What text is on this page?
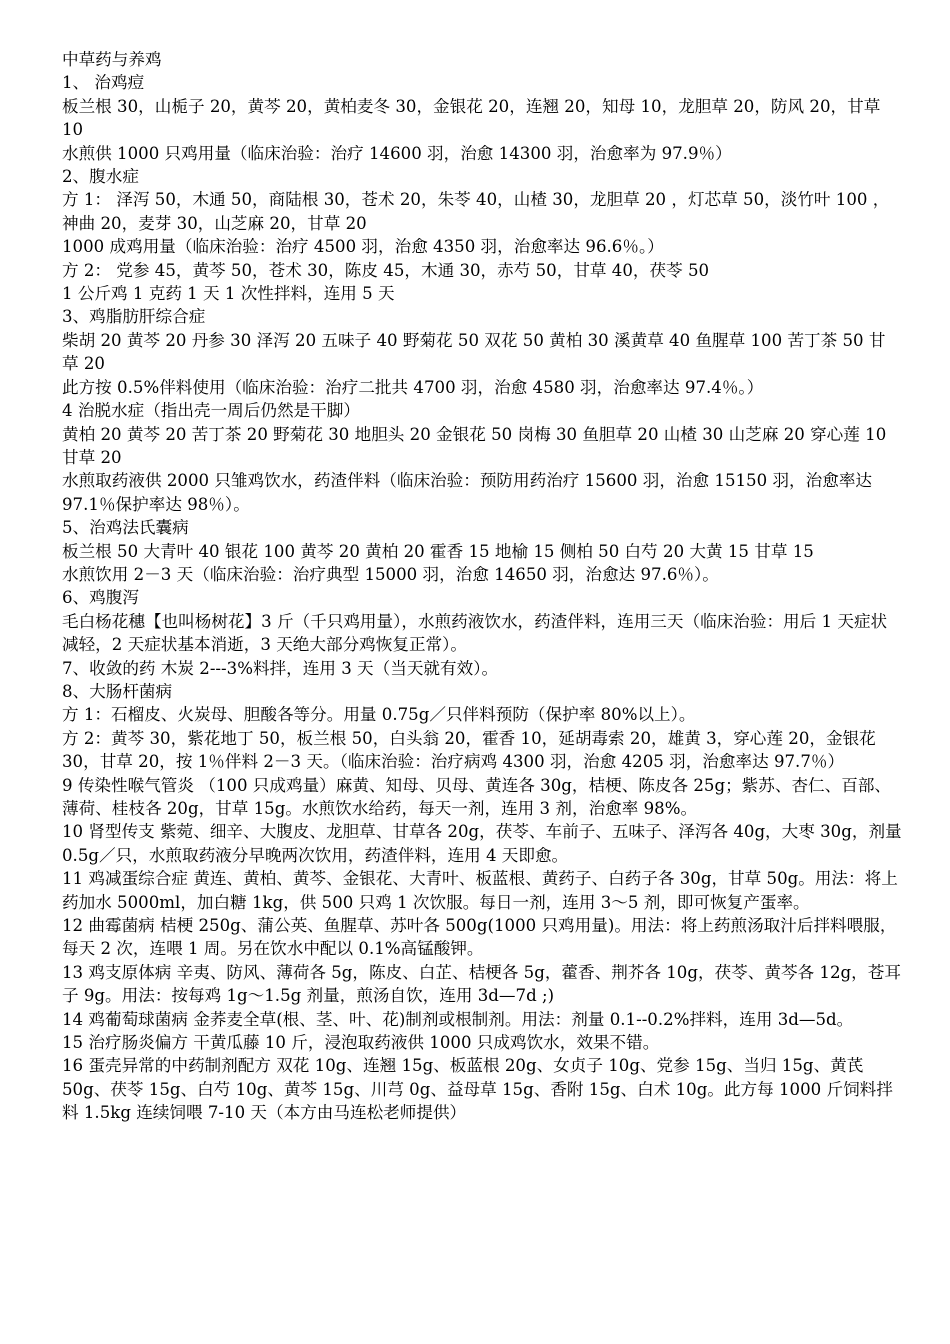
中草药与养鸡
1、 治鸡痘
板兰根 30，山栀子 20，黄芩 20，黄柏麦冬 30，金银花 20，连翘 20，知母 10，龙胆草 20，防风 20，甘草 10
水煎供 1000 只鸡用量（临床治验：治疗 14600 羽，治愈 14300 羽，治愈率为 97.9％）
2、腹水症
方 1： 泽泻 50，木通 50，商陆根 30，苍术 20，朱苓 40，山楂 30，龙胆草 20 ，灯芯草 50，淡竹叶 100 ，神曲 20，麦芽 30，山芝麻 20，甘草 20
1000 成鸡用量（临床治验：治疗 4500 羽，治愈 4350 羽，治愈率达 96.6％。）
方 2： 党参 45，黄芩 50，苍术 30，陈皮 45，木通 30，赤芍 50，甘草 40，茯苓 50
1 公斤鸡 1 克药 1 天 1 次性拌料，连用 5 天
3、鸡脂肪肝综合症
柴胡 20 黄芩 20 丹参 30 泽泻 20 五味子 40 野菊花 50 双花 50 黄柏 30 溪黄草 40 鱼腥草 100 苦丁茶 50 甘草 20
此方按 0.5%伴料使用（临床治验：治疗二批共 4700 羽，治愈 4580 羽，治愈率达 97.4％。）
4 治脱水症（指出壳一周后仍然是干脚）
黄柏 20 黄芩 20 苦丁茶 20 野菊花 30 地胆头 20 金银花 50 岗梅 30 鱼胆草 20 山楂 30 山芝麻 20 穿心莲 10 甘草 20
水煎取药液供 2000 只雏鸡饮水，药渣伴料（临床治验：预防用药治疗 15600 羽，治愈 15150 羽，治愈率达 97.1％保护率达 98％）。
5、治鸡法氏囊病
板兰根 50 大青叶 40 银花 100 黄芩 20 黄柏 20 霍香 15 地榆 15 侧柏 50 白芍 20 大黄 15 甘草 15
水煎饮用 2－3 天（临床治验：治疗典型 15000 羽，治愈 14650 羽，治愈达 97.6％）。
6、鸡腹泻
毛白杨花穗【也叫杨树花】3 斤（千只鸡用量），水煎药液饮水，药渣伴料，连用三天（临床治验：用后 1 天症状减轻，2 天症状基本消逝，3 天绝大部分鸡恢复正常）。
7、收敛的药 木炭 2---3%料拌，连用 3 天（当天就有效）。
8、大肠杆菌病
方 1：石榴皮、火炭母、胆酸各等分。用量 0.75g／只伴料预防（保护率 80%以上）。
方 2：黄芩 30，紫花地丁 50，板兰根 50，白头翁 20，霍香 10，延胡毒索 20，雄黄 3，穿心莲 20，金银花 30，甘草 20，按 1％伴料 2－3 天。（临床治验：治疗病鸡 4300 羽，治愈 4205 羽，治愈率达 97.7％）
9 传染性喉气管炎 （100 只成鸡量）麻黄、知母、贝母、黄连各 30g，桔梗、陈皮各 25g；紫苏、杏仁、百部、薄荷、桂枝各 20g，甘草 15g。水煎饮水给药，每天一剂，连用 3 剂，治愈率 98%。
10 肾型传支 紫菀、细辛、大腹皮、龙胆草、甘草各 20g，茯苓、车前子、五味子、泽泻各 40g，大枣 30g，剂量 0.5g／只，水煎取药液分早晚两次饮用，药渣伴料，连用 4 天即愈。
11 鸡减蛋综合症 黄连、黄柏、黄芩、金银花、大青叶、板蓝根、黄药子、白药子各 30g，甘草 50g。用法：将上药加水 5000ml，加白糖 1kg，供 500 只鸡 1 次饮服。每日一剂，连用 3～5 剂，即可恢复产蛋率。
12 曲霉菌病 桔梗 250g、蒲公英、鱼腥草、苏叶各 500g(1000 只鸡用量)。用法：将上药煎汤取汁后拌料喂服，每天 2 次，连喂 1 周。另在饮水中配以 0.1%高锰酸钾。
13 鸡支原体病 辛夷、防风、薄荷各 5g，陈皮、白芷、桔梗各 5g，藿香、荆芥各 10g，茯苓、黄芩各 12g，苍耳子 9g。用法：按每鸡 1g～1.5g 剂量，煎汤自饮，连用 3d—7d ;)
14 鸡葡萄球菌病 金荞麦全草(根、茎、叶、花)制剂或根制剂。用法：剂量 0.1--0.2%拌料，连用 3d—5d。
15 治疗肠炎偏方 干黄瓜藤 10 斤，浸泡取药液供 1000 只成鸡饮水，效果不错。
16 蛋壳异常的中药制剂配方 双花 10g、连翘 15g、板蓝根 20g、女贞子 10g、党参 15g、当归 15g、黄芪 50g、茯苓 15g、白芍 10g、黄芩 15g、川芎 0g、益母草 15g、香附 15g、白术 10g。此方每 1000 斤饲料拌料 1.5kg 连续饲喂 7-10 天（本方由马连松老师提供）
